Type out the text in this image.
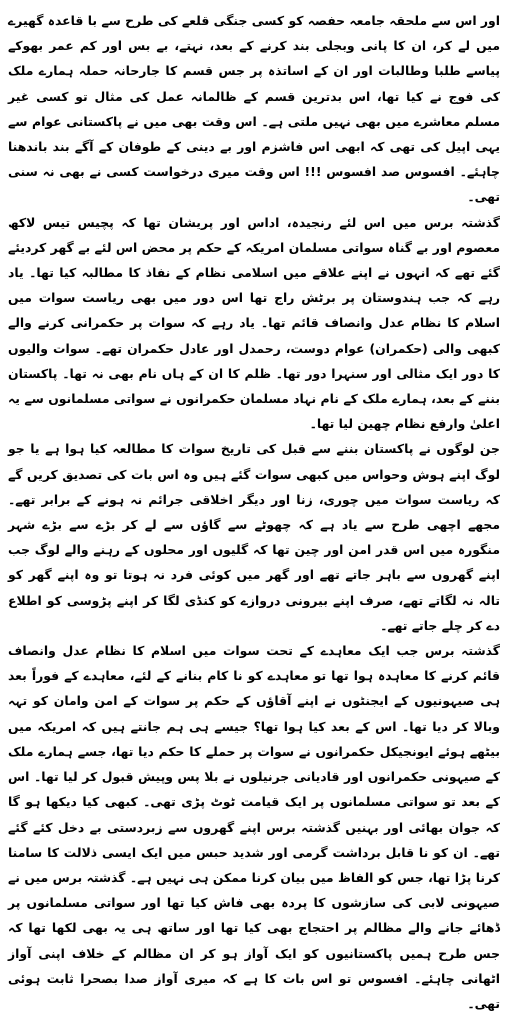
اور اس سے ملحقہ جامعہ حفصہ کو کسی جنگی قلعے کی طرح سے با قاعدہ گھیرے میں لے کر، ان کا پانی وبجلی بند کرنے کے بعد، نہتے، بے بس اور کم عمر بھوکے پیاسے طلبا وطالبات اور ان کے اساتذہ پر جس قسم کا جارحانہ حملہ ہمارے ملک کی فوج نے کیا تھا، اس بدترین قسم کے ظالمانہ عمل کی مثال تو کسی غیر مسلم معاشرے میں بھی نہیں ملتی ہے۔ اس وقت بھی میں نے پاکستانی عوام سے یہی اپیل کی تھی کہ ابھی اس فاشزم اور بے دینی کے طوفان کے آگے بند باندھنا چاہئے۔ افسوس صد افسوس !!! اس وقت میری درخواست کسی نے بھی نہ سنی تھی۔

گذشتہ برس میں اس لئے رنجیدہ، اداس اور پریشان تھا کہ پچیس تیس لاکھ معصوم اور بے گناہ سواتی مسلمان امریکہ کے حکم پر محض اس لئے بے گھر کردیئے گئے تھے کہ انہوں نے اپنے علاقے میں اسلامی نظام کے نفاذ کا مطالبہ کیا تھا۔ یاد رہے کہ جب ہندوستان پر برٹش راج تھا اس دور میں بھی ریاست سوات میں اسلام کا نظام عدل وانصاف قائم تھا۔ یاد رہے کہ سوات پر حکمرانی کرنے والے کبھی والی (حکمران) عوام دوست، رحمدل اور عادل حکمران تھے۔ سوات والیوں کا دور ایک مثالی اور سنہرا دور تھا۔ ظلم کا ان کے ہاں نام بھی نہ تھا۔ پاکستان بننے کے بعد، ہمارے ملک کے نام نہاد مسلمان حکمرانوں نے سواتی مسلمانوں سے یہ اعلیٰ وارفع نظام چھین لیا تھا۔

جن لوگوں نے پاکستان بننے سے قبل کی تاریخ سوات کا مطالعہ کیا ہوا ہے یا جو لوگ اپنے ہوش وحواس میں کبھی سوات گئے ہیں وہ اس بات کی تصدیق کریں گے کہ ریاست سوات میں چوری، زنا اور دیگر اخلاقی جرائم نہ ہونے کے برابر تھے۔ مجھے اچھی طرح سے یاد ہے کہ چھوٹے سے گاؤں سے لے کر بڑے سے بڑے شہر منگورہ میں اس قدر امن اور چین تھا کہ گلیوں اور محلوں کے رہنے والے لوگ جب اپنے گھروں سے باہر جاتے تھے اور گھر میں کوئی فرد نہ ہوتا تو وہ اپنے گھر کو تالہ نہ لگاتے تھے، صرف اپنے بیرونی دروازے کو کنڈی لگا کر اپنے پڑوسی کو اطلاع دے کر چلے جاتے تھے۔

گذشتہ برس جب ایک معاہدے کے تحت سوات میں اسلام کا نظام عدل وانصاف قائم کرنے کا معاہدہ ہوا تھا تو معاہدے کو نا کام بنانے کے لئے، معاہدے کے فوراً بعد ہی صیہونیوں کے ایجنٹوں نے اپنے آقاؤں کے حکم پر سوات کے امن وامان کو تہہ وبالا کر دیا تھا۔ اس کے بعد کیا ہوا تھا؟ جیسے ہی ہم جانتے ہیں کہ امریکہ میں بیٹھے ہوئے ایونجیکل حکمرانوں نے سوات پر حملے کا حکم دیا تھا، جسے ہمارے ملک کے صیہونی حکمرانوں اور قادیانی جرنیلوں نے بلا پس وپیش قبول کر لیا تھا۔ اس کے بعد تو سواتی مسلمانوں پر ایک قیامت ٹوٹ پڑی تھی۔ کبھی کیا دیکھا ہو گا کہ جوان بھائی اور بہنیں گذشتہ برس اپنے گھروں سے زبردستی بے دخل کئے گئے تھے۔ ان کو نا قابل برداشت گرمی اور شدید حبس میں ایک ایسی ذلالت کا سامنا کرنا پڑا تھا، جس کو الفاظ میں بیان کرنا ممکن ہی نہیں ہے۔ گذشتہ برس میں نے صیہونی لابی کی سازشوں کا پردہ بھی فاش کیا تھا اور سواتی مسلمانوں پر ڈھائے جانے والے مظالم پر احتجاج بھی کیا تھا اور ساتھ ہی یہ بھی لکھا تھا کہ جس طرح ہمیں پاکستانیوں کو ایک آواز ہو کر ان مظالم کے خلاف اپنی آواز اٹھانی چاہئے۔ افسوس تو اس بات کا ہے کہ میری آواز صدا بصحرا ثابت ہوئی تھی۔
